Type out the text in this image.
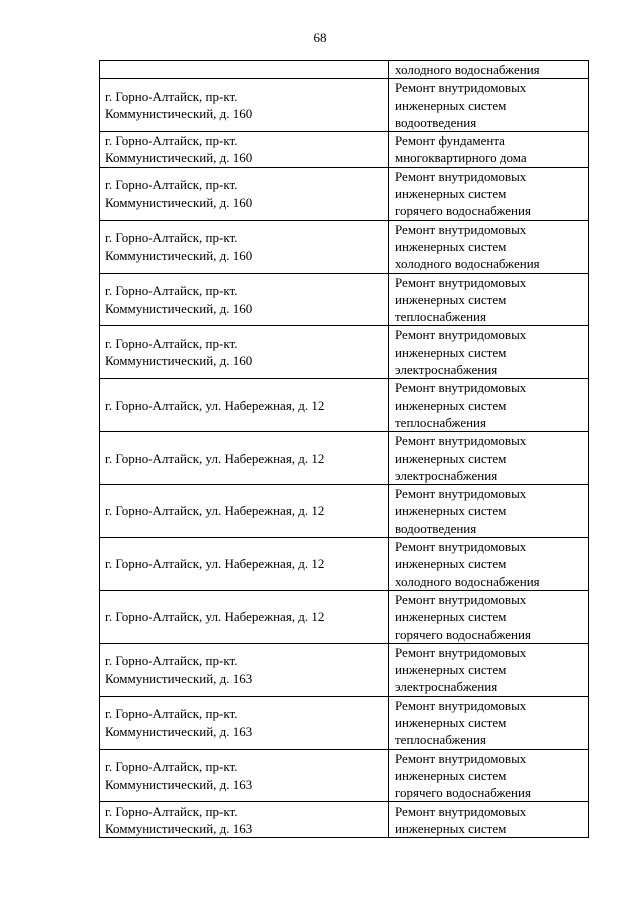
68

	холодного водоснабжения

г. Горно-Алтайск, пр-кт.
Коммунистический, д. 160	Ремонт внутридомовых
инженерных систем
водоотведения

г. Горно-Алтайск, пр-кт.
Коммунистический, д. 160	Ремонт фундамента
многоквартирного дома

г. Горно-Алтайск, пр-кт.
Коммунистический, д. 160	Ремонт внутридомовых
инженерных систем
горячего водоснабжения

г. Горно-Алтайск, пр-кт.
Коммунистический, д. 160	Ремонт внутридомовых
инженерных систем
холодного водоснабжения

г. Горно-Алтайск, пр-кт.
Коммунистический, д. 160	Ремонт внутридомовых
инженерных систем
теплоснабжения

г. Горно-Алтайск, пр-кт.
Коммунистический, д. 160	Ремонт внутридомовых
инженерных систем
электроснабжения

г. Горно-Алтайск, ул. Набережная, д. 12	Ремонт внутридомовых
инженерных систем
теплоснабжения

г. Горно-Алтайск, ул. Набережная, д. 12	Ремонт внутридомовых
инженерных систем
электроснабжения

г. Горно-Алтайск, ул. Набережная, д. 12	Ремонт внутридомовых
инженерных систем
водоотведения

г. Горно-Алтайск, ул. Набережная, д. 12	Ремонт внутридомовых
инженерных систем
холодного водоснабжения

г. Горно-Алтайск, ул. Набережная, д. 12	Ремонт внутридомовых
инженерных систем
горячего водоснабжения

г. Горно-Алтайск, пр-кт.
Коммунистический, д. 163	Ремонт внутридомовых
инженерных систем
электроснабжения

г. Горно-Алтайск, пр-кт.
Коммунистический, д. 163	Ремонт внутридомовых
инженерных систем
теплоснабжения

г. Горно-Алтайск, пр-кт.
Коммунистический, д. 163	Ремонт внутридомовых
инженерных систем
горячего водоснабжения

г. Горно-Алтайск, пр-кт.
Коммунистический, д. 163	Ремонт внутридомовых
инженерных систем
